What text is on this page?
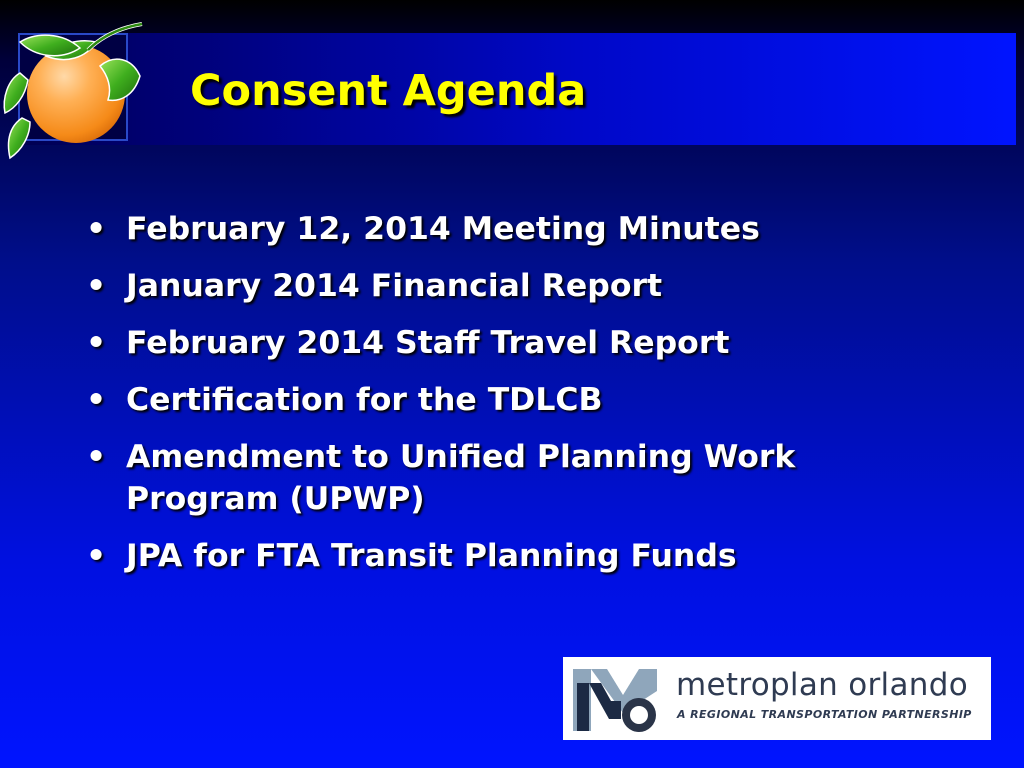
Consent Agenda
• February 12, 2014 Meeting Minutes
• January 2014 Financial Report
• February 2014 Staff Travel Report
• Certification for the TDLCB
• Amendment to Unified Planning Work Program (UPWP)
• JPA for FTA Transit Planning Funds
metroplan orlando
A REGIONAL TRANSPORTATION PARTNERSHIP
